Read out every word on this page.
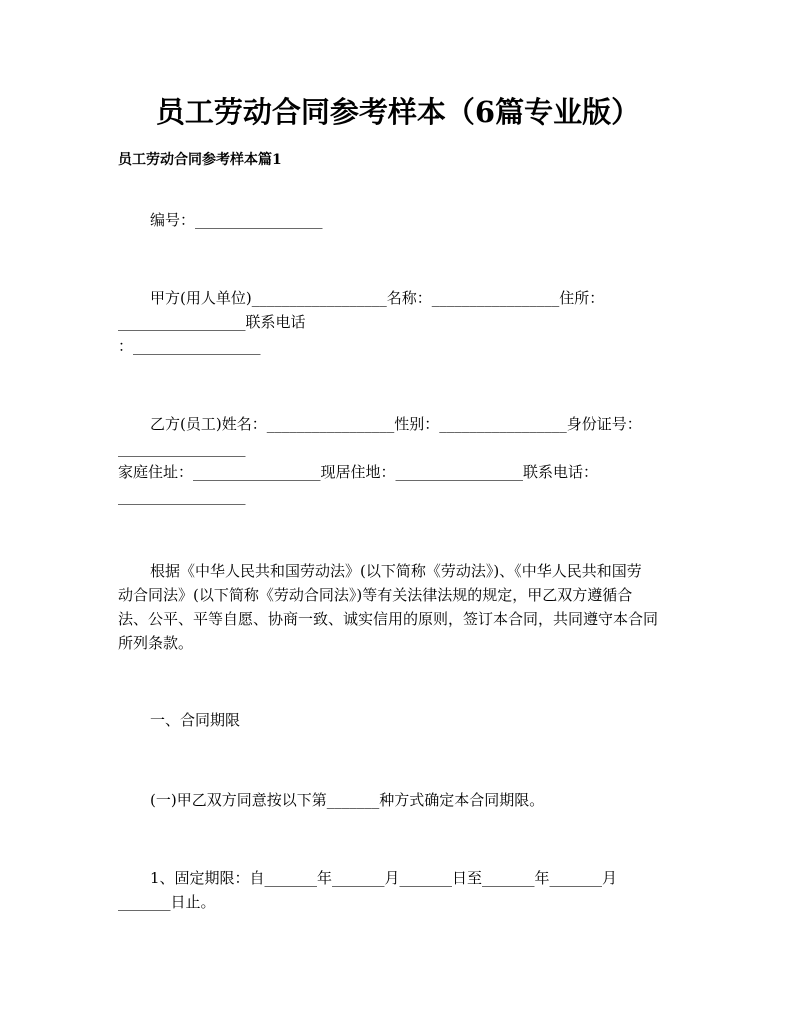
员工劳动合同参考样本（6篇专业版）
员工劳动合同参考样本篇1
编号：_________________
甲方(用人单位)__________________名称：_________________住所：
_________________联系电话
：_________________
乙方(员工)姓名：_________________性别：_________________身份证号：
_________________
家庭住址：_________________现居住地：_________________联系电话：
_________________
根据《中华人民共和国劳动法》(以下简称《劳动法》)、《中华人民共和国劳
动合同法》(以下简称《劳动合同法》)等有关法律法规的规定，甲乙双方遵循合
法、公平、平等自愿、协商一致、诚实信用的原则，签订本合同，共同遵守本合同
所列条款。
一、合同期限
(一)甲乙双方同意按以下第_______种方式确定本合同期限。
1、固定期限：自_______年_______月_______日至_______年_______月
_______日止。
